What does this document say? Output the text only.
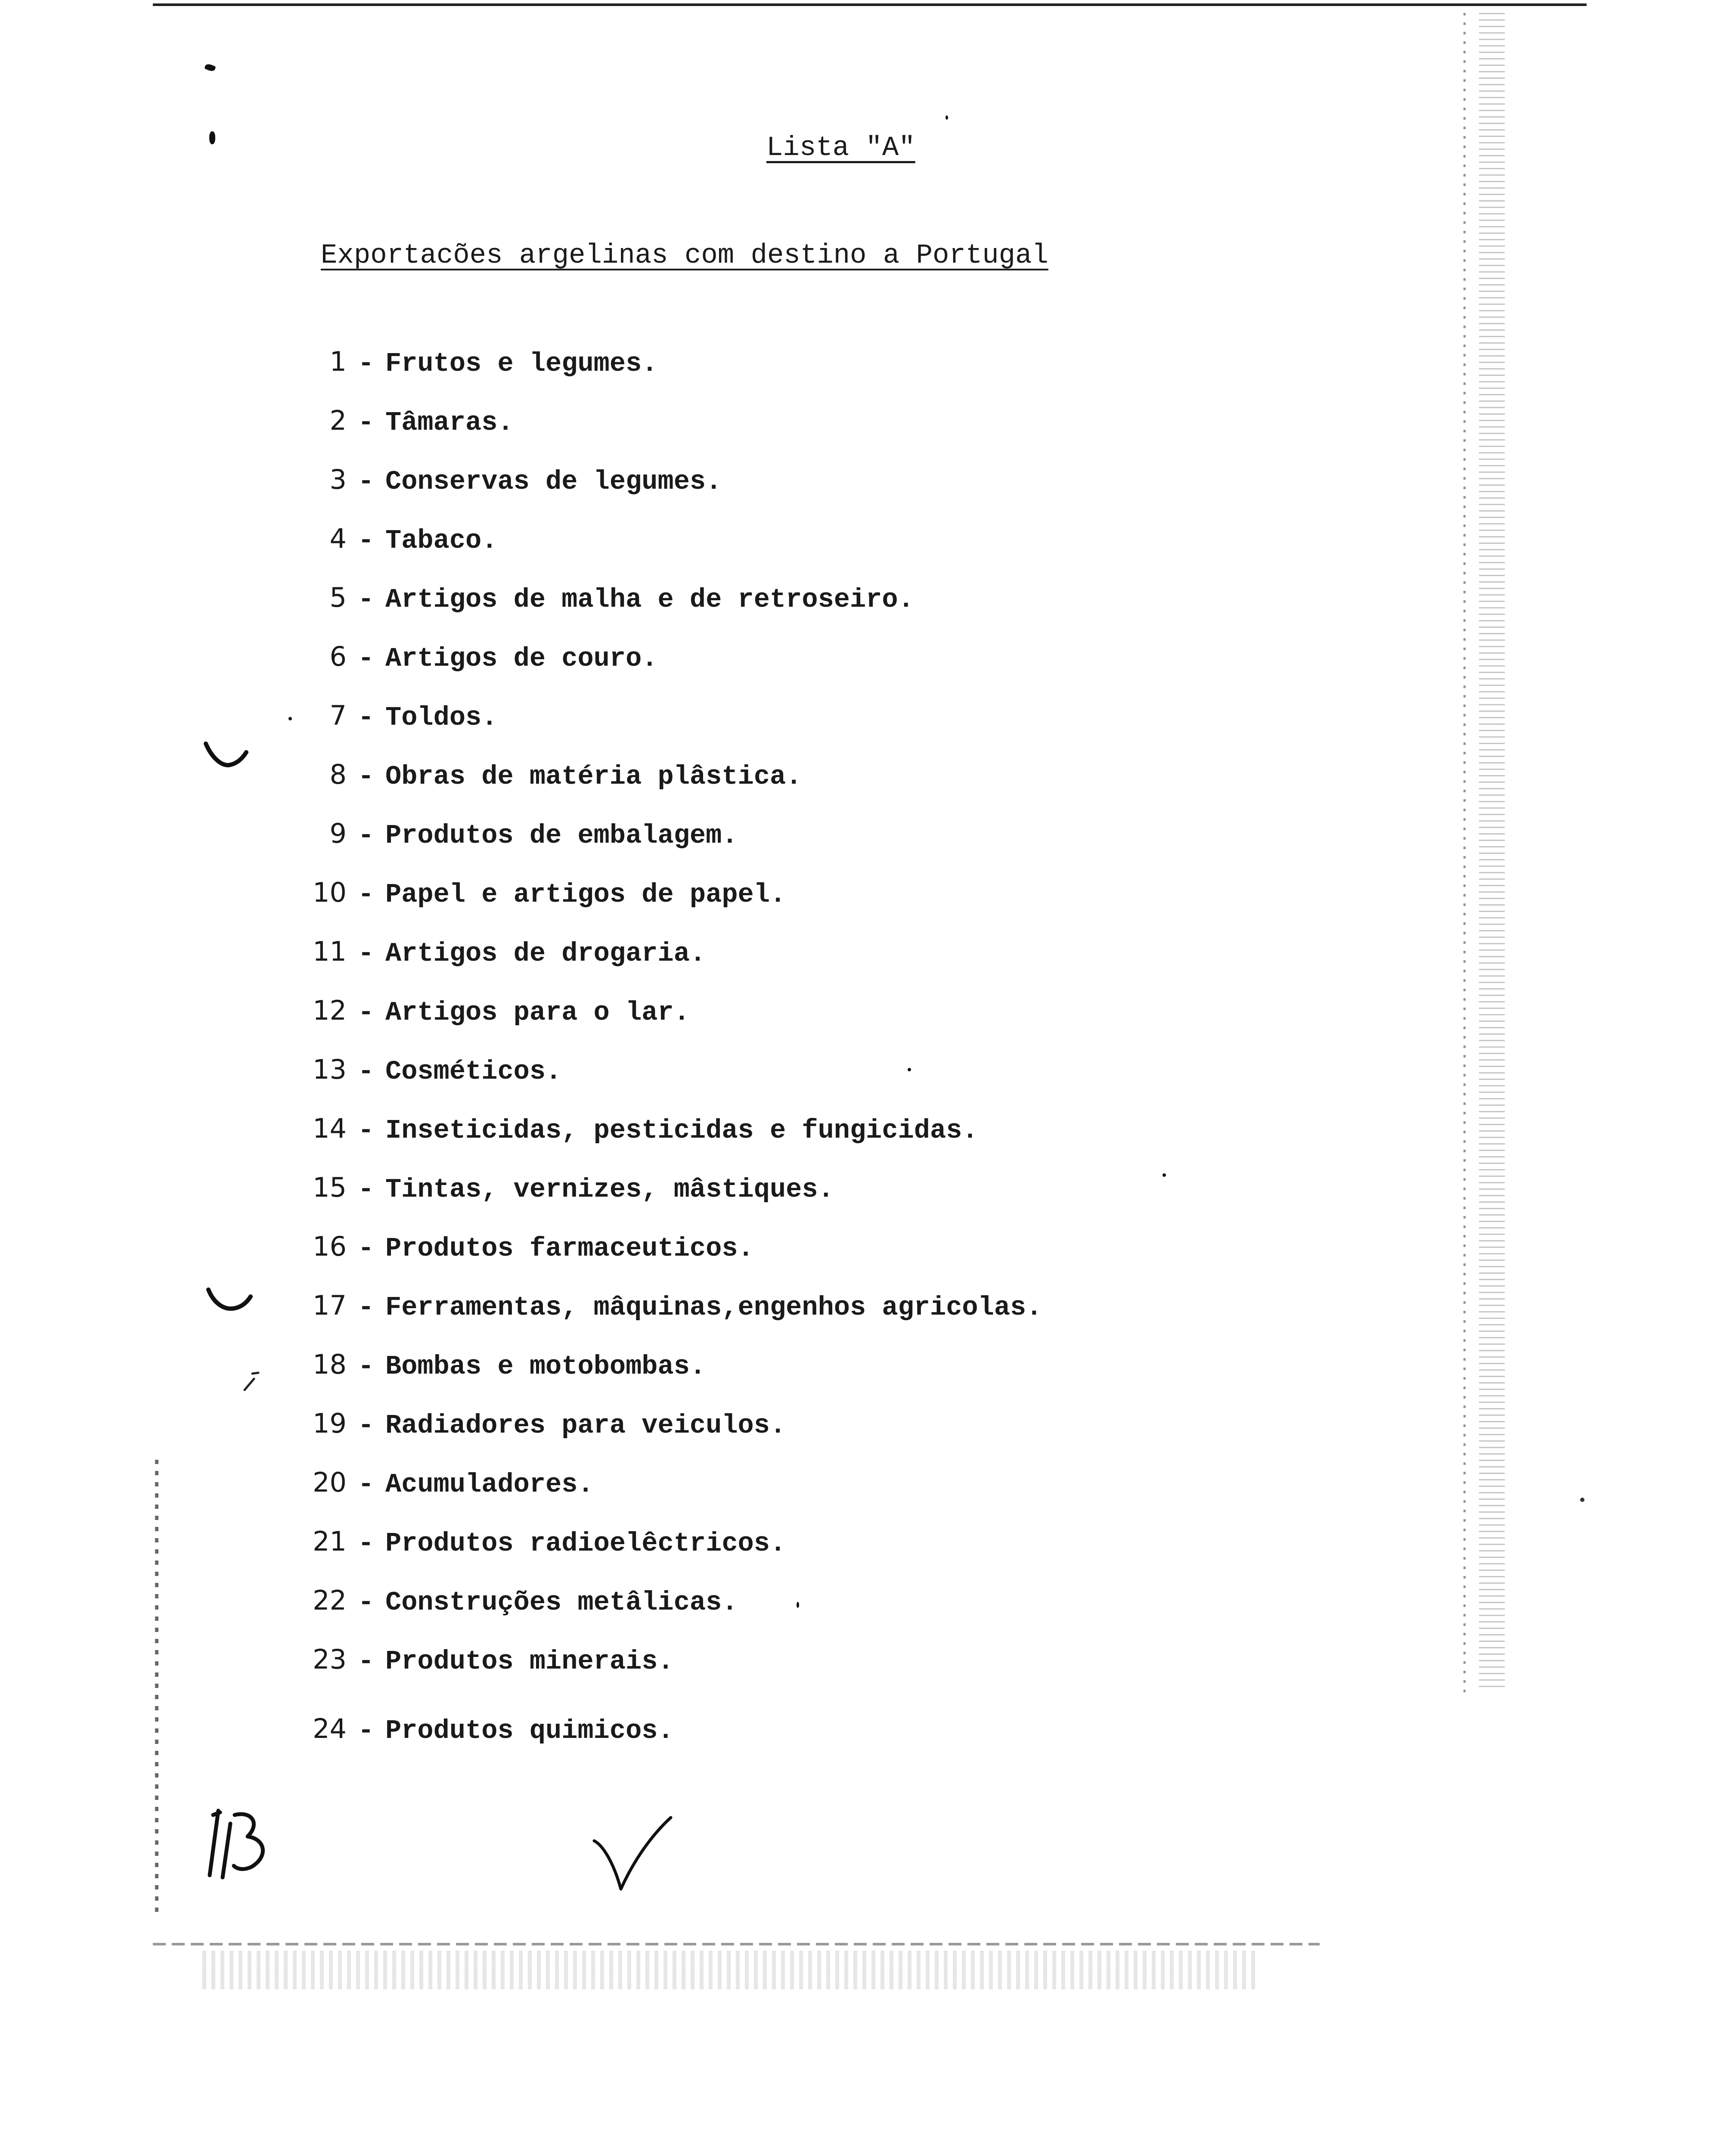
Lista "A"
Exportacões argelinas com destino a Portugal
1 - Frutos e legumes.
2 - Tâmaras.
3 - Conservas de legumes.
4 - Tabaco.
5 - Artigos de malha e de retroseiro.
6 - Artigos de couro.
7 - Toldos.
8 - Obras de matéria plâstica.
9 - Produtos de embalagem.
10 - Papel e artigos de papel.
11 - Artigos de drogaria.
12 - Artigos para o lar.
13 - Cosméticos.
14 - Inseticidas, pesticidas e fungicidas.
15 - Tintas, vernizes, mâstiques.
16 - Produtos farmaceuticos.
17 - Ferramentas, mâquinas,engenhos agricolas.
18 - Bombas e motobombas.
19 - Radiadores para veiculos.
20 - Acumuladores.
21 - Produtos radioelêctricos.
22 - Construções metâlicas.
23 - Produtos minerais.
24 - Produtos quimicos.
